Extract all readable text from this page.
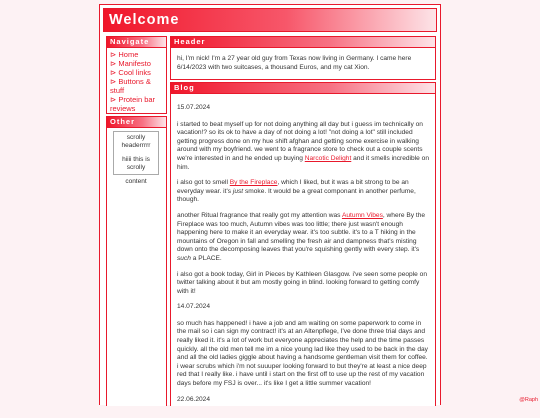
Welcome
Navigate
⊳ Home
⊳ Manifesto
⊳ Cool links
⊳ Buttons & stuff
⊳ Protein bar reviews
Other

scrolly headerrrrr

hiiii this is scrolly

content

Header
hi, I'm nick! I'm a 27 year old guy from Texas now living in Germany. I came here 6/14/2023 with two suitcases, a thousand Euros, and my cat Xion.
Blog
15.07.2024

i started to beat myself up for not doing anything all day but i guess im technically on vacation!? so its ok to have a day of not doing a lot! "not doing a lot" still included getting progress done on my hue shift afghan and getting some exercise in walking around with my boyfriend. we went to a fragrance store to check out a couple scents we're interested in and he ended up buying Narcotic Delight and it smells incredible on him.

i also got to smell By the Fireplace, which I liked, but it was a bit strong to be an everyday wear. it's just smoke. It would be a great componant in another perfume, though.

another Ritual fragrance that really got my attention was Autumn Vibes, where By the Fireplace was too much, Autumn vibes was too little; there just wasn't enough happening here to make it an everyday wear. it's too subtle. it's to a T hiking in the mountains of Oregon in fall and smelling the fresh air and dampness that's misting down onto the decomposing leaves that you're squishing gently with every step. it's such a PLACE.

i also got a book today, Girl in Pieces by Kathleen Glasgow. i've seen some people on twitter talking about it but am mostly going in blind. looking forward to getting comfy with it!

14.07.2024

so much has happened! i have a job and am waiting on some paperwork to come in the mail so i can sign my contract! it's at an Altenpflege, I've done three trial days and really liked it. it's a lot of work but everyone appreciates the help and the time passes quickly. all the old men tell me im a nice young lad like they used to be back in the day and all the old ladies giggle about having a handsome gentleman visit them for coffee. i wear scrubs which i'm not suuuper looking forward to but they're at least a nice deep red that I really like. i have until i start on the first off to use up the rest of my vacation days before my FSJ is over... it's like I get a little summer vacation!

22.06.2024	@Raph
